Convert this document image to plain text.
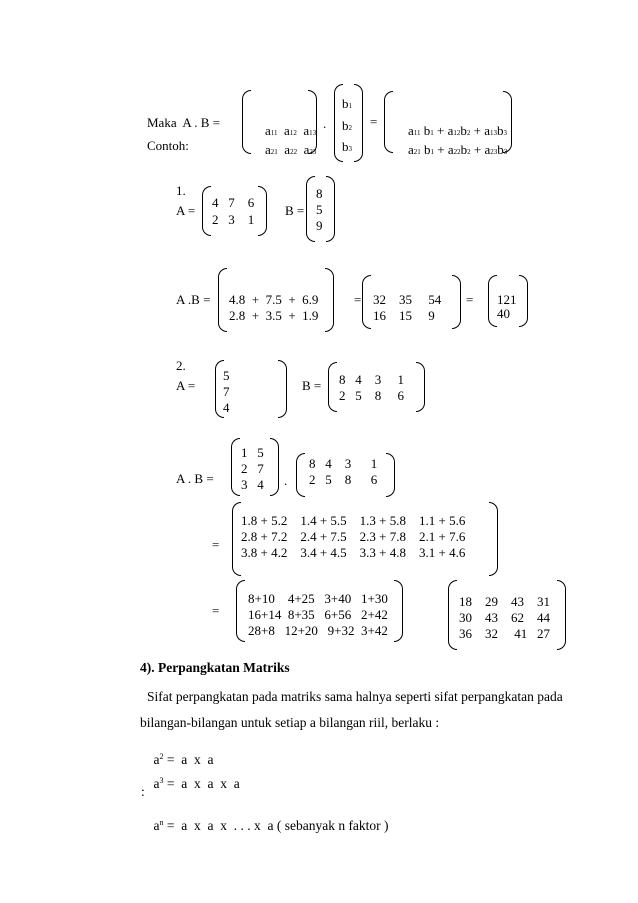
Maka  A . B =
Contoh:

a11 a12 a13

a21 a22 a23

.
b1
b2
b3
=

a11 b1 + a12b2 + a13b3

a21 b1 + a22b2 + a23b3

1.
A =
4   7    6
2   3    1
B =
8
5
9
A .B = 4.8  +  7.5  +  6.9
2.8  +  3.5  +  1.9
= 32    35     54
16    15     9
= 121
40
2.
A =
5
7
4
B = 8   4    3     1
2   5    8     6
A . B =
1   5
2   7
3   4 .
8   4    3      1
2   5    8      6
=
1.8 + 5.2    1.4 + 5.5    1.3 + 5.8    1.1 + 5.6
2.8 + 7.2    2.4 + 7.5    2.3 + 7.8    2.1 + 7.6
3.8 + 4.2    3.4 + 4.5    3.3 + 4.8    3.1 + 4.6
=
8+10    4+25   3+40   1+30
16+14  8+35   6+56   2+42
28+8   12+20   9+32  3+42
18    29    43    31
30    43    62    44
36    32     41   27
4). Perpangkatan Matriks
Sifat perpangkatan pada matriks sama halnya seperti sifat perpangkatan pada
bilangan-bilangan untuk setiap a bilangan riil, berlaku :

$a^2 = a$  x  a

$a^3 = a$  x  a  x  a

:

$a^n = a$  x  a  x  . . . x  a ( sebanyak n faktor )
